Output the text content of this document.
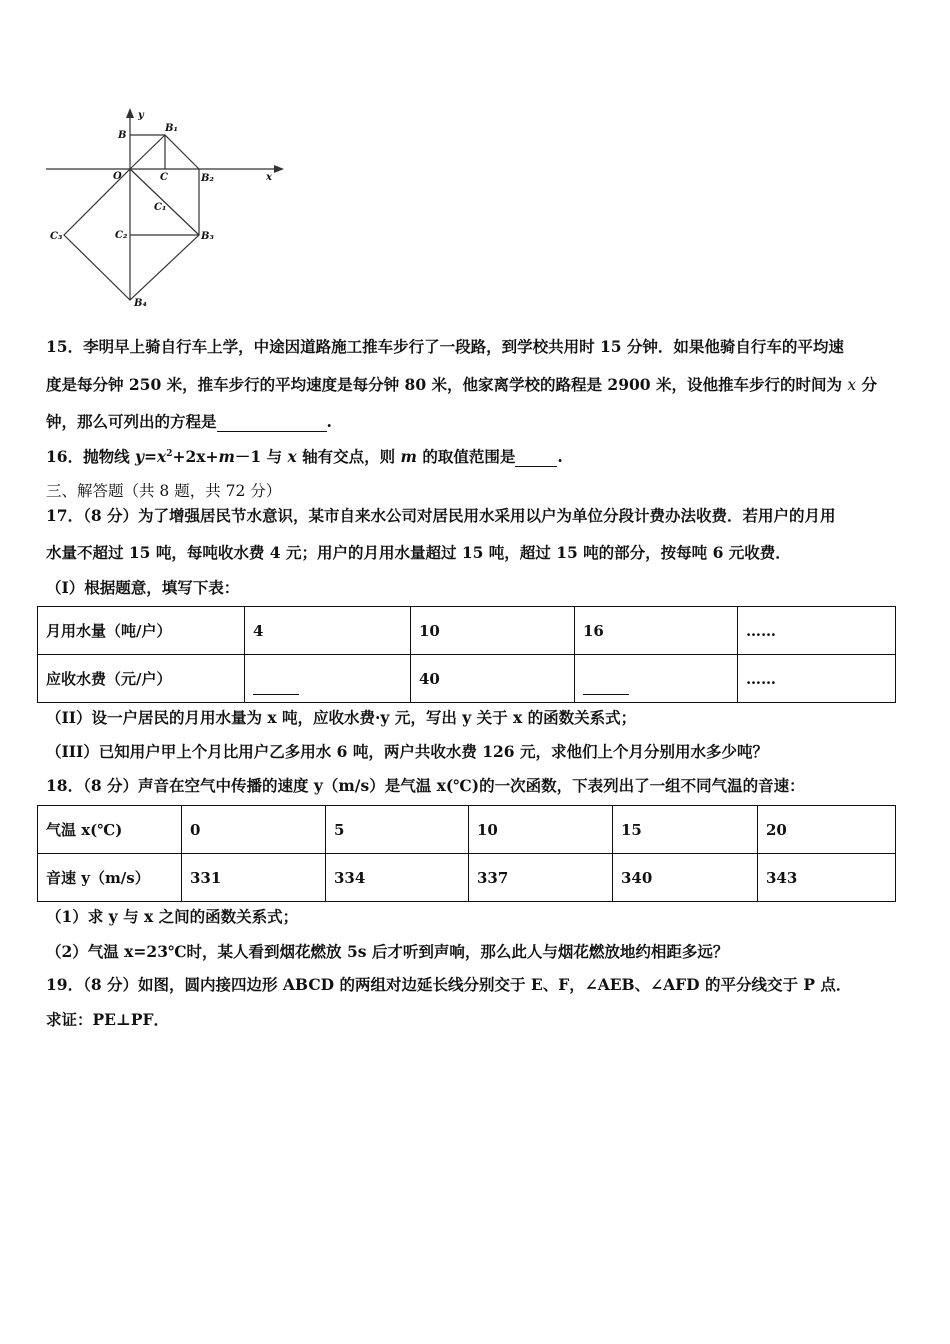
y
x
O
B
B₁
C	B₂
C₁
C₂	B₃
C₃
B₄
15．李明早上骑自行车上学，中途因道路施工推车步行了一段路，到学校共用时 15 分钟．如果他骑自行车的平均速
度是每分钟 250 米，推车步行的平均速度是每分钟 80 米，他家离学校的路程是 2900 米，设他推车步行的时间为 x 分
钟，那么可列出的方程是	.
16．抛物线 $y=x^2+2x+m-1$ 与 x 轴有交点，则 m 的取值范围是	.
三、解答题（共 8 题，共 72 分）
17．（8 分）为了增强居民节水意识，某市自来水公司对居民用水采用以户为单位分段计费办法收费．若用户的月用
水量不超过 15 吨，每吨收水费 4 元；用户的月用水量超过 15 吨，超过 15 吨的部分，按每吨 6 元收费．
（I）根据题意，填写下表：
月用水量（吨/户）	4	10	16	……
应收水费（元/户）		40		……
（II）设一户居民的月用水量为 x 吨，应收水费·y 元，写出 y 关于 x 的函数关系式；
（III）已知用户甲上个月比用户乙多用水 6 吨，两户共收水费 126 元，求他们上个月分别用水多少吨？
18．（8 分）声音在空气中传播的速度 y（m/s）是气温 x(℃)的一次函数，下表列出了一组不同气温的音速：
气温 x(℃)	0	5	10	15	20
音速 y（m/s）	331	334	337	340	343
（1）求 y 与 x 之间的函数关系式；
（2）气温 x=23℃时，某人看到烟花燃放 5s 后才听到声响，那么此人与烟花燃放地约相距多远？
19．（8 分）如图，圆内接四边形 ABCD 的两组对边延长线分别交于 E、F，∠AEB、∠AFD 的平分线交于 P 点．
求证：PE⊥PF．
